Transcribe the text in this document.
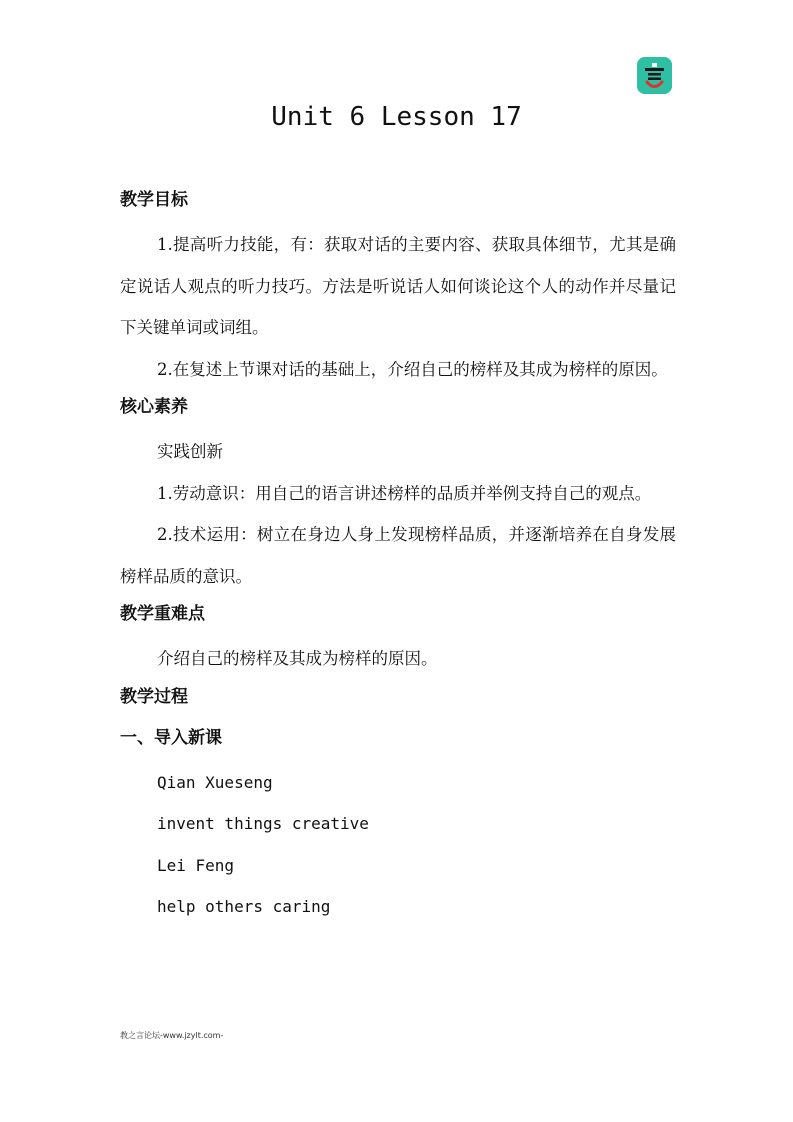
Unit 6 Lesson 17
教学目标

1.提高听力技能，有：获取对话的主要内容、获取具体细节，尤其是确定说话人观点的听力技巧。方法是听说话人如何谈论这个人的动作并尽量记下关键单词或词组。

2.在复述上节课对话的基础上，介绍自己的榜样及其成为榜样的原因。

核心素养

实践创新

1.劳动意识：用自己的语言讲述榜样的品质并举例支持自己的观点。

2.技术运用：树立在身边人身上发现榜样品质，并逐渐培养在自身发展榜样品质的意识。

教学重难点

介绍自己的榜样及其成为榜样的原因。

教学过程
一、导入新课

Qian Xueseng

invent things creative

Lei Feng

help others caring

教之言论坛-www.jzylt.com-
